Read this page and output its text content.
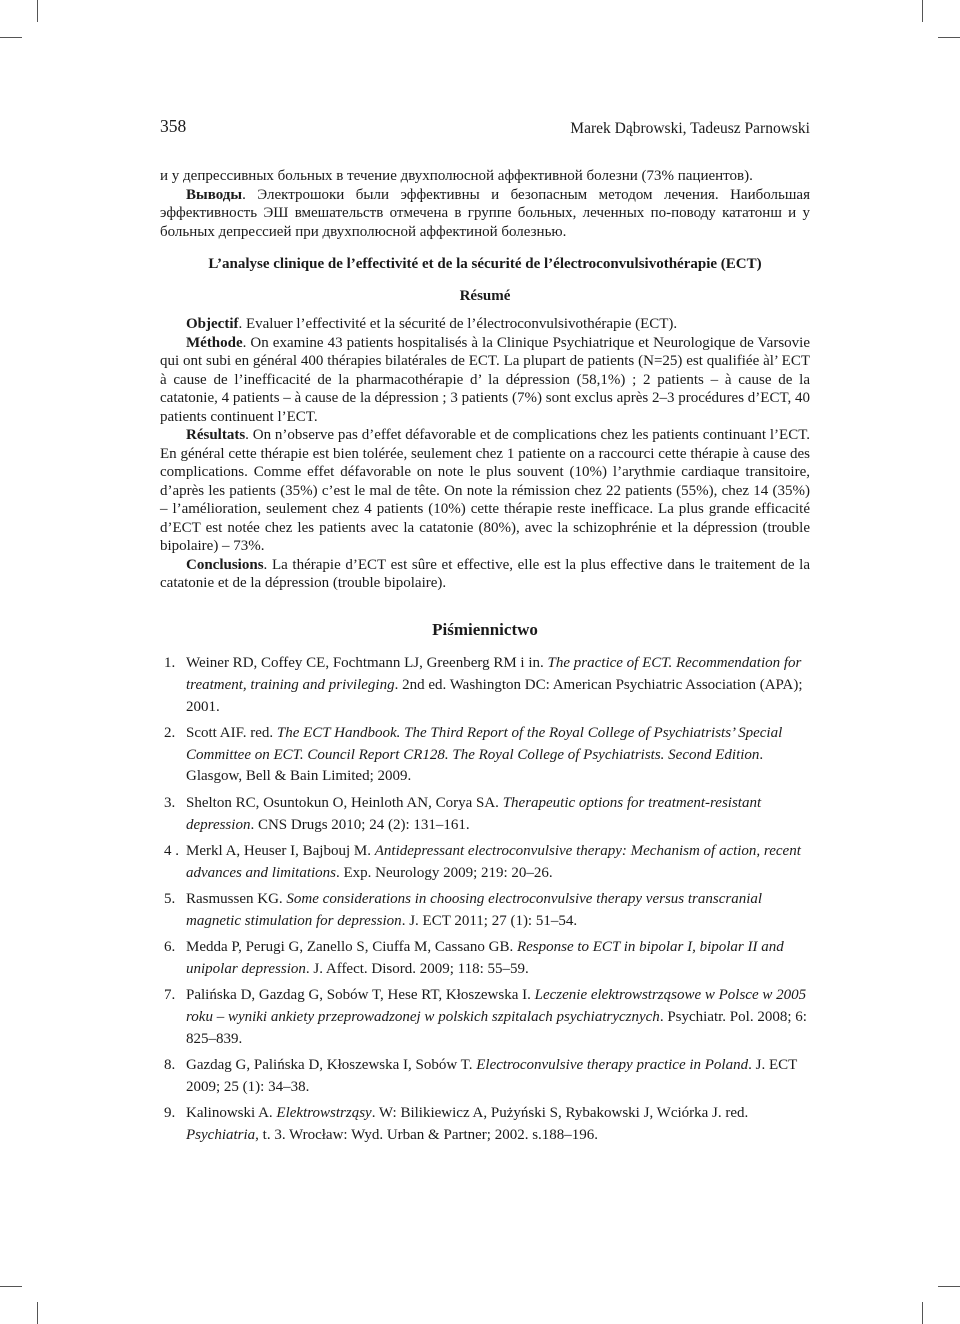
358	Marek Dąbrowski, Tadeusz Parnowski

и у депрессивных больных в течение двухполюсной аффективной болезни (73% пациентов).

Выводы. Электрошоки были эффективны и безопасным методом лечения. Наибольшая эффективность ЭШ вмешательств отмечена в группе больных, леченных по-поводу кататонш и у больных депрессией при двухполюсной аффектиной болезнью.

L’analyse clinique de l’effectivité et de la sécurité de l’électroconvulsivothérapie (ECT)
Résumé

Objectif. Evaluer l’effectivité et la sécurité de l’électroconvulsivothérapie (ECT).

Méthode. On examine 43 patients hospitalisés à la Clinique Psychiatrique et Neurologique de Varsovie qui ont subi en général 400 thérapies bilatérales de ECT. La plupart de patients (N=25) est qualifiée àl’ ECT à cause de l’inefficacité de la pharmacothérapie d’ la dépression (58,1%) ; 2 patients – à cause de la catatonie, 4 patients – à cause de la dépression ; 3 patients (7%) sont exclus après 2–3 procédures d’ECT, 40 patients continuent l’ECT.

Résultats. On n’observe pas d’effet défavorable et de complications chez les patients continuant l’ECT. En général cette thérapie est bien tolérée, seulement chez 1 patiente on a raccourci cette thérapie à cause des complications. Comme effet défavorable on note le plus souvent (10%) l’arythmie cardiaque transitoire, d’après les patients (35%) c’est le mal de tête. On note la rémission chez 22 patients (55%), chez 14 (35%) – l’amélioration, seulement chez 4 patients (10%) cette thérapie reste inefficace. La plus grande efficacité d’ECT est notée chez les patients avec la catatonie (80%), avec la schizophrénie et la dépression (trouble bipolaire) – 73%.

Conclusions. La thérapie d’ECT est sûre et effective, elle est la plus effective dans le traitement de la catatonie et de la dépression (trouble bipolaire).

Piśmiennictwo
1. Weiner RD, Coffey CE, Fochtmann LJ, Greenberg RM i in. The practice of ECT. Recommendation for treatment, training and privileging. 2nd ed. Washington DC: American Psychiatric Association (APA); 2001.
2. Scott AIF. red. The ECT Handbook. The Third Report of the Royal College of Psychiatrists’ Special Committee on ECT. Council Report CR128. The Royal College of Psychiatrists. Second Edition. Glasgow, Bell & Bain Limited; 2009.
3. Shelton RC, Osuntokun O, Heinloth AN, Corya SA. Therapeutic options for treatment-resistant depression. CNS Drugs 2010; 24 (2): 131–161.
4 . Merkl A, Heuser I, Bajbouj M. Antidepressant electroconvulsive therapy: Mechanism of action, recent advances and limitations. Exp. Neurology 2009; 219: 20–26.
5. Rasmussen KG. Some considerations in choosing electroconvulsive therapy versus transcranial magnetic stimulation for depression. J. ECT 2011; 27 (1): 51–54.
6. Medda P, Perugi G, Zanello S, Ciuffa M, Cassano GB. Response to ECT in bipolar I, bipolar II and unipolar depression. J. Affect. Disord. 2009; 118: 55–59.
7. Palińska D, Gazdag G, Sobów T, Hese RT, Kłoszewska I. Leczenie elektrowstrząsowe w Polsce w 2005 roku – wyniki ankiety przeprowadzonej w polskich szpitalach psychiatrycznych. Psychiatr. Pol. 2008; 6: 825–839.
8. Gazdag G, Palińska D, Kłoszewska I, Sobów T. Electroconvulsive therapy practice in Poland. J. ECT 2009; 25 (1): 34–38.
9. Kalinowski A. Elektrowstrząsy. W: Bilikiewicz A, Pużyński S, Rybakowski J, Wciórka J. red. Psychiatria, t. 3. Wrocław: Wyd. Urban & Partner; 2002. s.188–196.
